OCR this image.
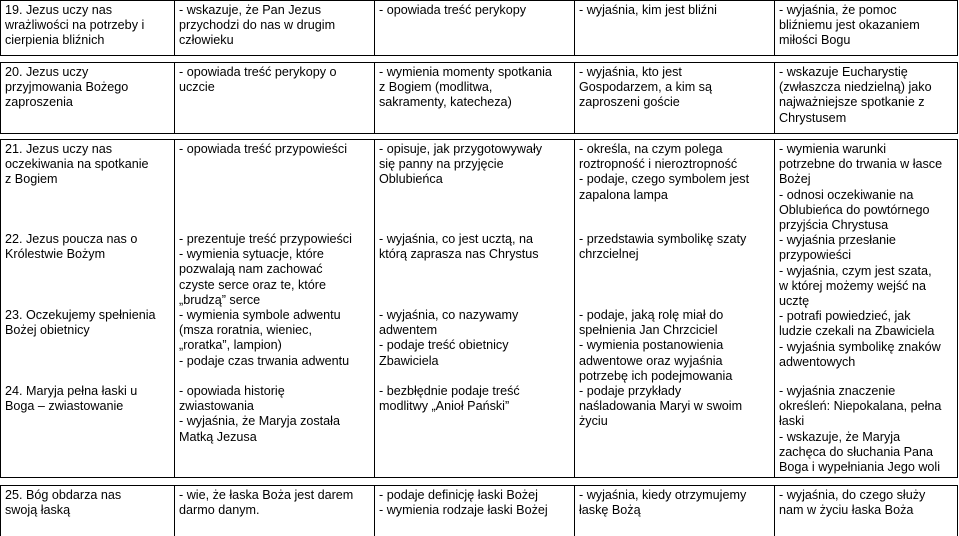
19. Jezus uczy nas
wrażliwości na potrzeby i
cierpienia bliźnich
- wskazuje, że Pan Jezus
przychodzi do nas w drugim
człowieku
- opowiada treść perykopy	- wyjaśnia, kim jest bliźni	- wyjaśnia, że pomoc
bliźniemu jest okazaniem
miłości Bogu
20. Jezus uczy
przyjmowania Bożego
zaproszenia
- opowiada treść perykopy o
uczcie
- wymienia momenty spotkania
z Bogiem (modlitwa,
sakramenty, katecheza)
- wyjaśnia, kto jest
Gospodarzem, a kim są
zaproszeni goście
- wskazuje Eucharystię
(zwłaszcza niedzielną) jako
najważniejsze spotkanie z
Chrystusem
21. Jezus uczy nas
oczekiwania na spotkanie
z Bogiem
22. Jezus poucza nas o
Królestwie Bożym
23. Oczekujemy spełnienia
Bożej obietnicy
24. Maryja pełna łaski u
Boga – zwiastowanie
- opowiada treść przypowieści
- prezentuje treść przypowieści
- wymienia sytuacje, które
pozwalają nam zachować
czyste serce oraz te, które
„brudzą” serce
- wymienia symbole adwentu
(msza roratnia, wieniec,
„roratka”, lampion)
- podaje czas trwania adwentu
- opowiada historię
zwiastowania
- wyjaśnia, że Maryja została
Matką Jezusa
- opisuje, jak przygotowywały
się panny na przyjęcie
Oblubieńca
- wyjaśnia, co jest ucztą, na
którą zaprasza nas Chrystus
- wyjaśnia, co nazywamy
adwentem
- podaje treść obietnicy
Zbawiciela
- bezbłędnie podaje treść
modlitwy „Anioł Pański”
- określa, na czym polega
roztropność i nieroztropność
- podaje, czego symbolem jest
zapalona lampa
- przedstawia symbolikę szaty
chrzcielnej
- podaje, jaką rolę miał do
spełnienia Jan Chrzciciel
- wymienia postanowienia
adwentowe oraz wyjaśnia
potrzebę ich podejmowania
- podaje przykłady
naśladowania Maryi w swoim
życiu
- wymienia warunki
potrzebne do trwania w łasce
Bożej
- odnosi oczekiwanie na
Oblubieńca do powtórnego
przyjścia Chrystusa
- wyjaśnia przesłanie
przypowieści
- wyjaśnia, czym jest szata,
w której możemy wejść na
ucztę
- potrafi powiedzieć, jak
ludzie czekali na Zbawiciela
- wyjaśnia symbolikę znaków
adwentowych
- wyjaśnia znaczenie
określeń: Niepokalana, pełna
łaski
- wskazuje, że Maryja
zachęca do słuchania Pana
Boga i wypełniania Jego woli
25. Bóg obdarza nas
swoją łaską
- wie, że łaska Boża jest darem
darmo danym.
- podaje definicję łaski Bożej
- wymienia rodzaje łaski Bożej
- wyjaśnia, kiedy otrzymujemy
łaskę Bożą
- wyjaśnia, do czego służy
nam w życiu łaska Boża
